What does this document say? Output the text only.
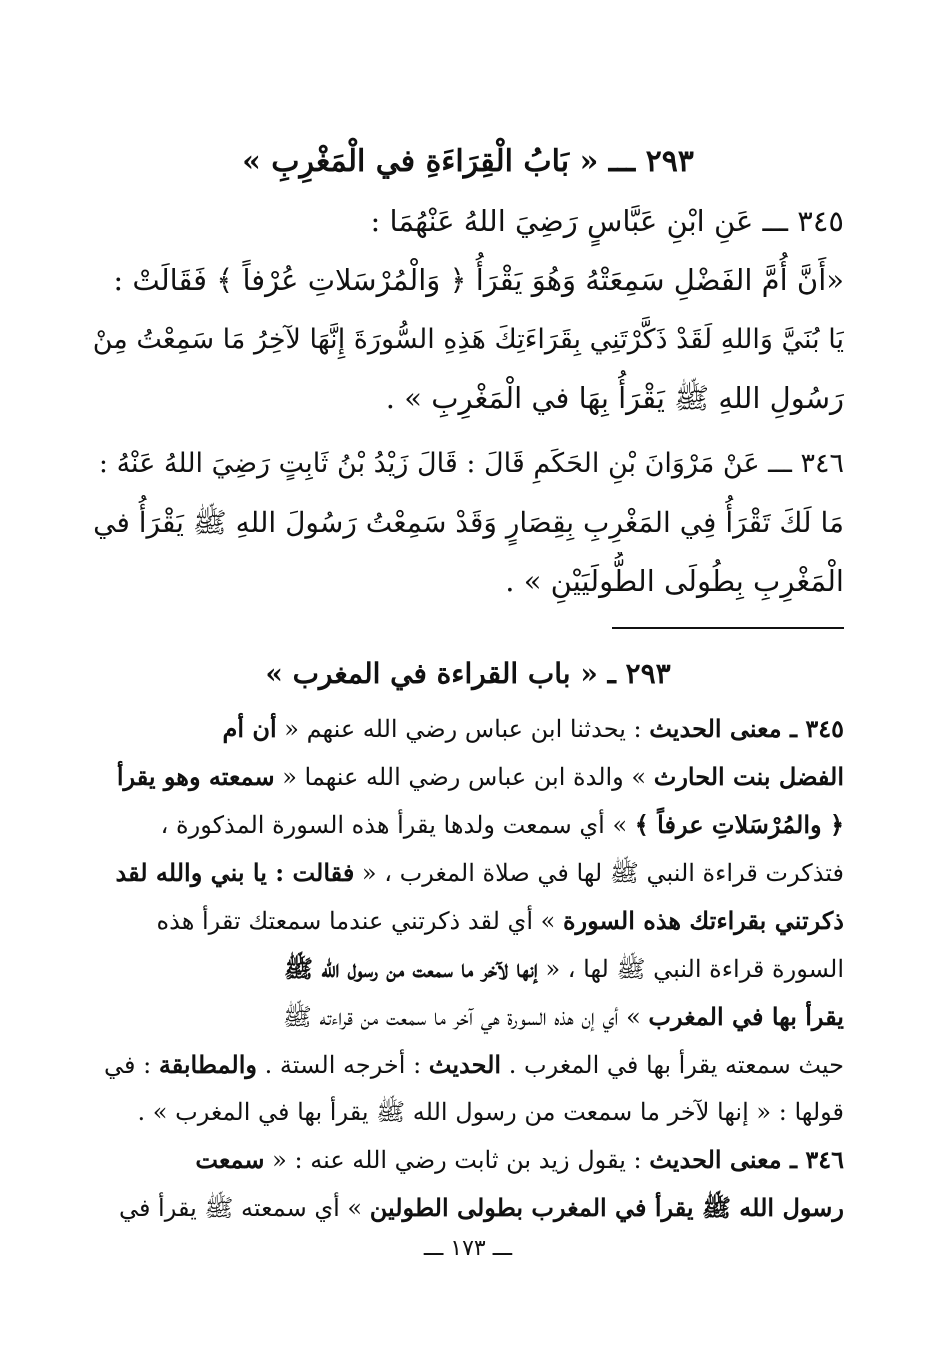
٢٩٣ ـــ « بَابُ الْقِرَاءَةِ في الْمَغْرِبِ »
٣٤٥ ـــ عَنِ ابْنِ عَبَّاسٍ رَضِيَ اللهُ عَنْهُمَا :
«أَنَّ أُمَّ الفَضْلِ سَمِعَتْهُ وَهُوَ يَقْرَأُ ﴿ وَالْمُرْسَلاتِ عُرْفاً ﴾ فَقَالَتْ :
يَا بُنَيَّ وَاللهِ لَقَدْ ذَكَّرْتَنِي بِقَرَاءَتِكَ هَذِهِ السُّورَةَ إِنَّهَا لآخِرُ مَا سَمِعْتُ مِنْ
رَسُولِ اللهِ ﷺ يَقْرَأُ بِهَا في الْمَغْرِبِ » .
٣٤٦ ـــ عَنْ مَرْوَانَ بْنِ الحَكَمِ قَالَ : قَالَ زَيْدُ بْنُ ثَابِتٍ رَضِيَ اللهُ عَنْهُ :
مَا لَكَ تَقْرَأُ فِي المَغْرِبِ بِقِصَارٍ وَقَدْ سَمِعْتُ رَسُولَ اللهِ ﷺ يَقْرَأُ في
الْمَغْرِبِ بِطُولَى الطُّولَيَيْنِ » .
٢٩٣ ـ « باب القراءة في المغرب »
٣٤٥ ـ معنى الحديث : يحدثنا ابن عباس رضي الله عنهم « أن أم
الفضل بنت الحارث » والدة ابن عباس رضي الله عنهما « سمعته وهو يقرأ
﴿ والمُرْسَلاتِ عرفاً ﴾ » أي سمعت ولدها يقرأ هذه السورة المذكورة ،
فتذكرت قراءة النبي ﷺ لها في صلاة المغرب ، « فقالت : يا بني والله لقد
ذكرتني بقراءتك هذه السورة » أي لقد ذكرتني عندما سمعتك تقرأ هذه
السورة قراءة النبي ﷺ لها ، « إنها لآخر ما سمعت من رسول الله ﷺ
يقرأ بها في المغرب » أي إن هذه السورة هي آخر ما سمعت من قراءته ﷺ
حيث سمعته يقرأ بها في المغرب . الحديث : أخرجه الستة . والمطابقة : في
قولها : « إنها لآخر ما سمعت من رسول الله ﷺ يقرأ بها في المغرب » .
٣٤٦ ـ معنى الحديث : يقول زيد بن ثابت رضي الله عنه : « سمعت
رسول الله ﷺ يقرأ في المغرب بطولى الطولين » أي سمعته ﷺ يقرأ في
ـــ ١٧٣ ـــ
